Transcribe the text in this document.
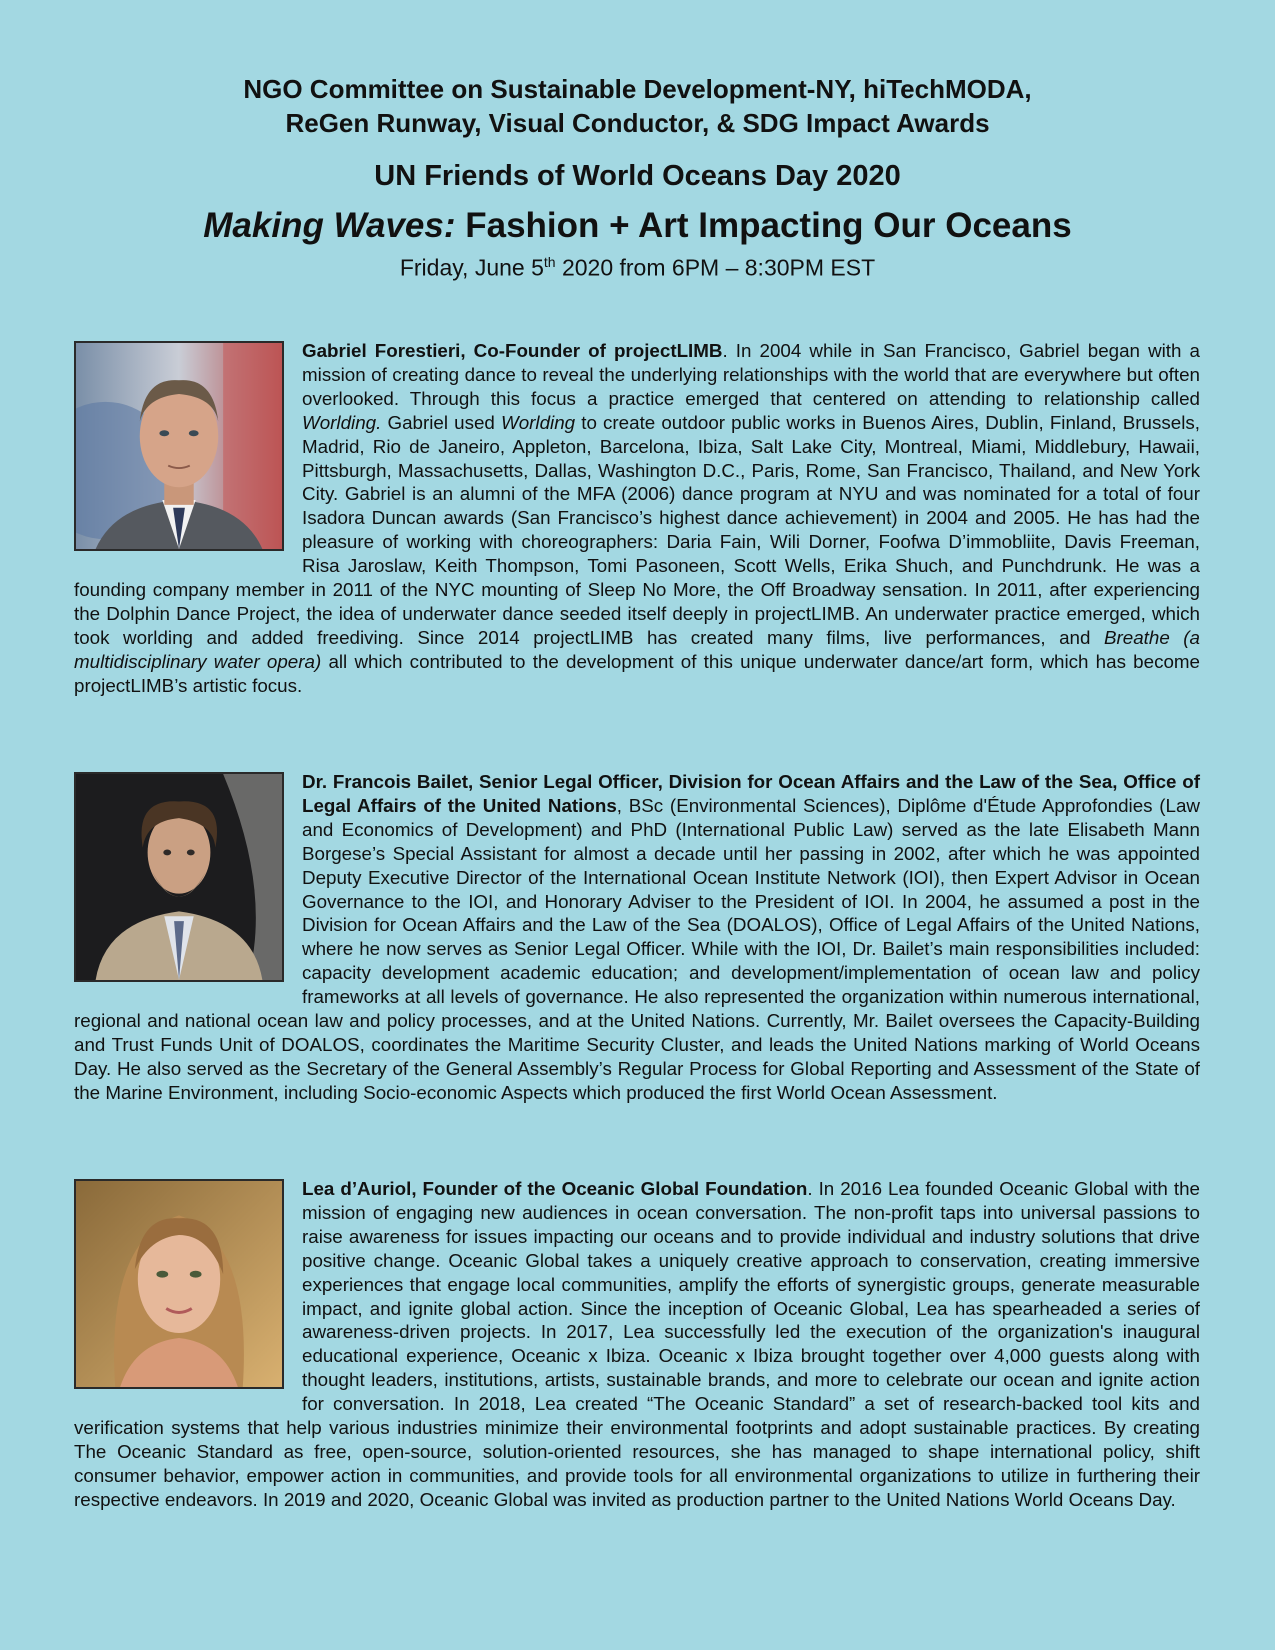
NGO Committee on Sustainable Development-NY, hiTechMODA,

ReGen Runway, Visual Conductor, & SDG Impact Awards

UN Friends of World Oceans Day 2020

Making Waves: Fashion + Art Impacting Our Oceans

Friday, June 5th 2020 from 6PM – 8:30PM EST

Gabriel Forestieri, Co-Founder of projectLIMB. In 2004 while in San Francisco, Gabriel began with a mission of creating dance to reveal the underlying relationships with the world that are everywhere but often overlooked. Through this focus a practice emerged that centered on attending to relationship called Worlding. Gabriel used Worlding to create outdoor public works in Buenos Aires, Dublin, Finland, Brussels, Madrid, Rio de Janeiro, Appleton, Barcelona, Ibiza, Salt Lake City, Montreal, Miami, Middlebury, Hawaii, Pittsburgh, Massachusetts, Dallas, Washington D.C., Paris, Rome, San Francisco, Thailand, and New York City. Gabriel is an alumni of the MFA (2006) dance program at NYU and was nominated for a total of four Isadora Duncan awards (San Francisco’s highest dance achievement) in 2004 and 2005. He has had the pleasure of working with choreographers: Daria Fain, Wili Dorner, Foofwa D’immobliite, Davis Freeman, Risa Jaroslaw, Keith Thompson, Tomi Pasoneen, Scott Wells, Erika Shuch, and Punchdrunk. He was a founding company member in 2011 of the NYC mounting of Sleep No More, the Off Broadway sensation. In 2011, after experiencing the Dolphin Dance Project, the idea of underwater dance seeded itself deeply in projectLIMB. An underwater practice emerged, which took worlding and added freediving. Since 2014 projectLIMB has created many films, live performances, and Breathe (a multidisciplinary water opera) all which contributed to the development of this unique underwater dance/art form, which has become projectLIMB’s artistic focus.
Dr. Francois Bailet, Senior Legal Officer, Division for Ocean Affairs and the Law of the Sea, Office of Legal Affairs of the United Nations, BSc (Environmental Sciences), Diplôme d'Étude Approfondies (Law and Economics of Development) and PhD (International Public Law) served as the late Elisabeth Mann Borgese’s Special Assistant for almost a decade until her passing in 2002, after which he was appointed Deputy Executive Director of the International Ocean Institute Network (IOI), then Expert Advisor in Ocean Governance to the IOI, and Honorary Adviser to the President of IOI. In 2004, he assumed a post in the Division for Ocean Affairs and the Law of the Sea (DOALOS), Office of Legal Affairs of the United Nations, where he now serves as Senior Legal Officer. While with the IOI, Dr. Bailet’s main responsibilities included: capacity development academic education; and development/implementation of ocean law and policy frameworks at all levels of governance. He also represented the organization within numerous international, regional and national ocean law and policy processes, and at the United Nations. Currently, Mr. Bailet oversees the Capacity-Building and Trust Funds Unit of DOALOS, coordinates the Maritime Security Cluster, and leads the United Nations marking of World Oceans Day. He also served as the Secretary of the General Assembly’s Regular Process for Global Reporting and Assessment of the State of the Marine Environment, including Socio-economic Aspects which produced the first World Ocean Assessment.
Lea d’Auriol, Founder of the Oceanic Global Foundation. In 2016 Lea founded Oceanic Global with the mission of engaging new audiences in ocean conversation. The non-profit taps into universal passions to raise awareness for issues impacting our oceans and to provide individual and industry solutions that drive positive change. Oceanic Global takes a uniquely creative approach to conservation, creating immersive experiences that engage local communities, amplify the efforts of synergistic groups, generate measurable impact, and ignite global action. Since the inception of Oceanic Global, Lea has spearheaded a series of awareness-driven projects. In 2017, Lea successfully led the execution of the organization's inaugural educational experience, Oceanic x Ibiza. Oceanic x Ibiza brought together over 4,000 guests along with thought leaders, institutions, artists, sustainable brands, and more to celebrate our ocean and ignite action for conversation. In 2018, Lea created “The Oceanic Standard” a set of research-backed tool kits and verification systems that help various industries minimize their environmental footprints and adopt sustainable practices. By creating The Oceanic Standard as free, open-source, solution-oriented resources, she has managed to shape international policy, shift consumer behavior, empower action in communities, and provide tools for all environmental organizations to utilize in furthering their respective endeavors. In 2019 and 2020, Oceanic Global was invited as production partner to the United Nations World Oceans Day.
